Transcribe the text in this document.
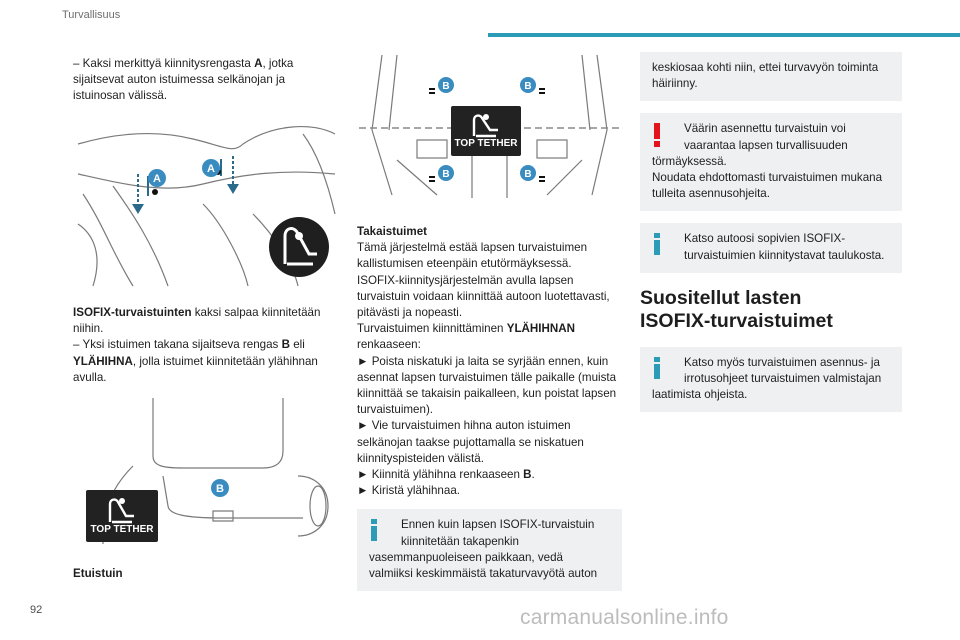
Turvallisuus

– Kaksi merkittyä kiinnitysrengasta A, jotka sijaitsevat auton istuimessa selkänojan ja istuinosan välissä.

A
A

ISOFIX-turvaistuinten kaksi salpaa kiinnitetään niihin.
– Yksi istuimen takana sijaitseva rengas B eli YLÄHIHNA, jolla istuimet kiinnitetään ylähihnan avulla.

B
TOP TETHER

Etuistuin

B	B
B	B
TOP TETHER

Takaistuimet

Tämä järjestelmä estää lapsen turvaistuimen kallistumisen eteenpäin etutörmäyksessä.

ISOFIX-kiinnitysjärjestelmän avulla lapsen turvaistuin voidaan kiinnittää autoon luotettavasti, pitävästi ja nopeasti.

Turvaistuimen kiinnittäminen YLÄHIHNAN renkaaseen:

► Poista niskatuki ja laita se syrjään ennen, kuin asennat lapsen turvaistuimen tälle paikalle (muista kiinnittää se takaisin paikalleen, kun poistat lapsen turvaistuimen).

► Vie turvaistuimen hihna auton istuimen selkänojan taakse pujottamalla se niskatuen kiinnityspisteiden välistä.

► Kiinnitä ylähihna renkaaseen B.

► Kiristä ylähihnaa.

Ennen kuin lapsen ISOFIX-turvaistuin
kiinnitetään takapenkin
vasemmanpuoleiseen paikkaan, vedä valmiiksi keskimmäistä takaturvavyötä auton
keskiosaa kohti niin, ettei turvavyön toiminta häiriinny.
Väärin asennettu turvaistuin voi
vaarantaa lapsen turvallisuuden
törmäyksessä.
Noudata ehdottomasti turvaistuimen mukana tulleita asennusohjeita.
Katso autoosi sopivien ISOFIX-
turvaistuimien kiinnitystavat taulukosta.
Suositellut lasten
ISOFIX-turvaistuimet
Katso myös turvaistuimen asennus- ja
irrotusohjeet turvaistuimen valmistajan
laatimista ohjeista.
92	carmanualsonline.info
